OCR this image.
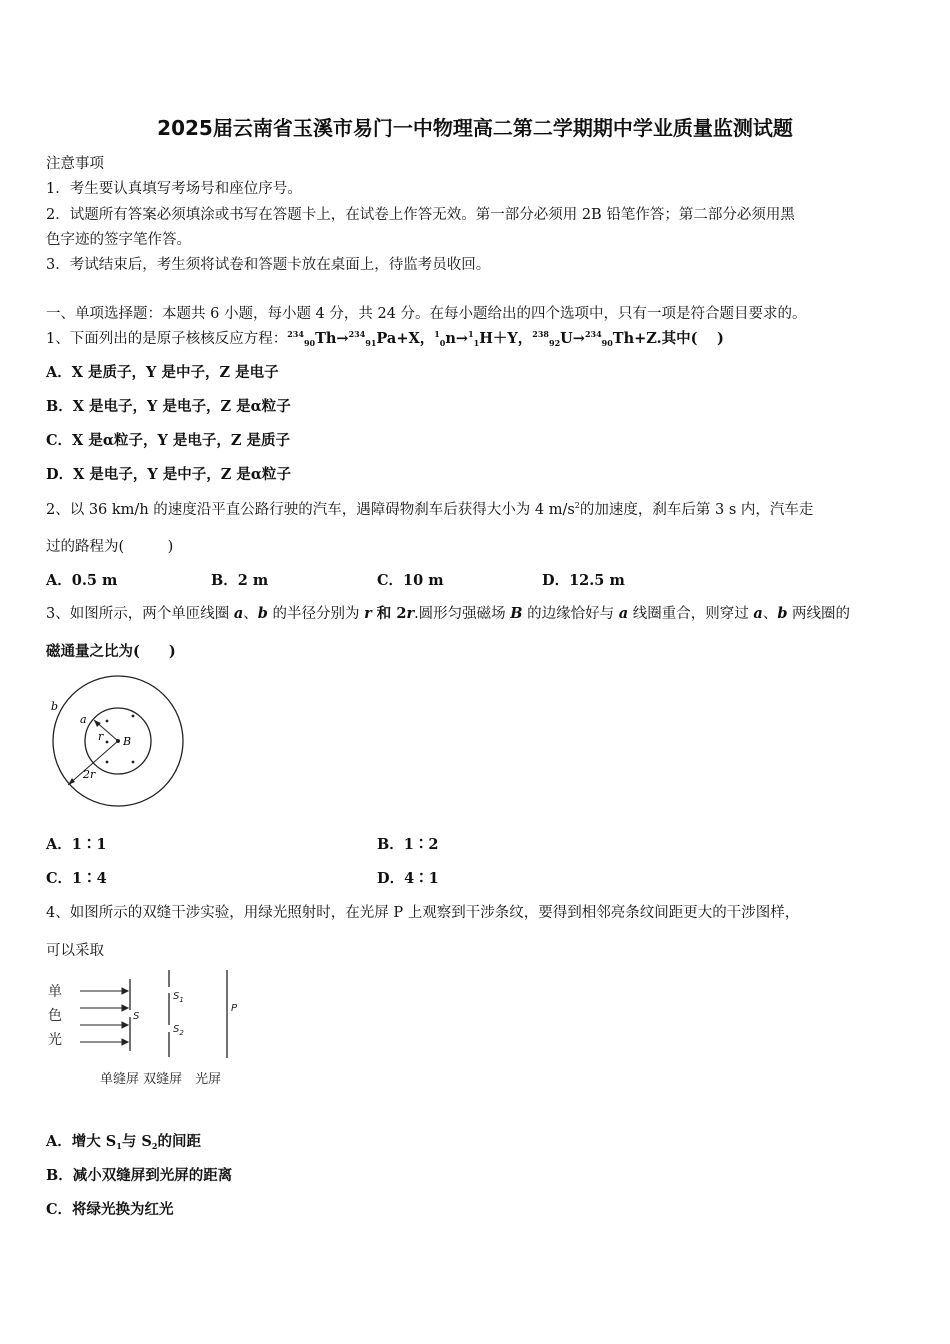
2025届云南省玉溪市易门一中物理高二第二学期期中学业质量监测试题
注意事项
1．考生要认真填写考场号和座位序号。
2．试题所有答案必须填涂或书写在答题卡上，在试卷上作答无效。第一部分必须用 2B 铅笔作答；第二部分必须用黑
色字迹的签字笔作答。
3．考试结束后，考生须将试卷和答题卡放在桌面上，待监考员收回。
一、单项选择题：本题共 6 小题，每小题 4 分，共 24 分。在每小题给出的四个选项中，只有一项是符合题目要求的。
1、下面列出的是原子核核反应方程：$^{234}_{90}$Th→$^{234}_{91}$Pa+X，$^1_0$n→$^1_1$H＋Y，$^{238}_{92}$U→$^{234}_{90}$Th+Z.其中(　 )
A．X 是质子，Y 是中子，Z 是电子
B．X 是电子，Y 是电子，Z 是α粒子
C．X 是α粒子，Y 是电子，Z 是质子
D．X 是电子，Y 是中子，Z 是α粒子
2、以 36 km/h 的速度沿平直公路行驶的汽车，遇障碍物刹车后获得大小为 4 $m/s^2$的加速度，刹车后第 3 s 内，汽车走
过的路程为(　　　)
A．0.5 m	B．2 m	C．10 m	D．12.5 m
3、如图所示，两个单匝线圈 a、b 的半径分别为 r 和 2r.圆形匀强磁场 B 的边缘恰好与 a 线圈重合，则穿过 a、b 两线圈的
磁通量之比为(　　)
b
a
r B
2r
A．1∶1	B．1∶2
C．1∶4	D．4∶1
4、如图所示的双缝干涉实验，用绿光照射时，在光屏 P 上观察到干涉条纹，要得到相邻亮条纹间距更大的干涉图样，
可以采取
单
色
光
S
$S_1$
$S_2$
P
单缝屏 双缝屏　光屏
A．增大 $S_1$与 $S_2$的间距
B．减小双缝屏到光屏的距离
C．将绿光换为红光
